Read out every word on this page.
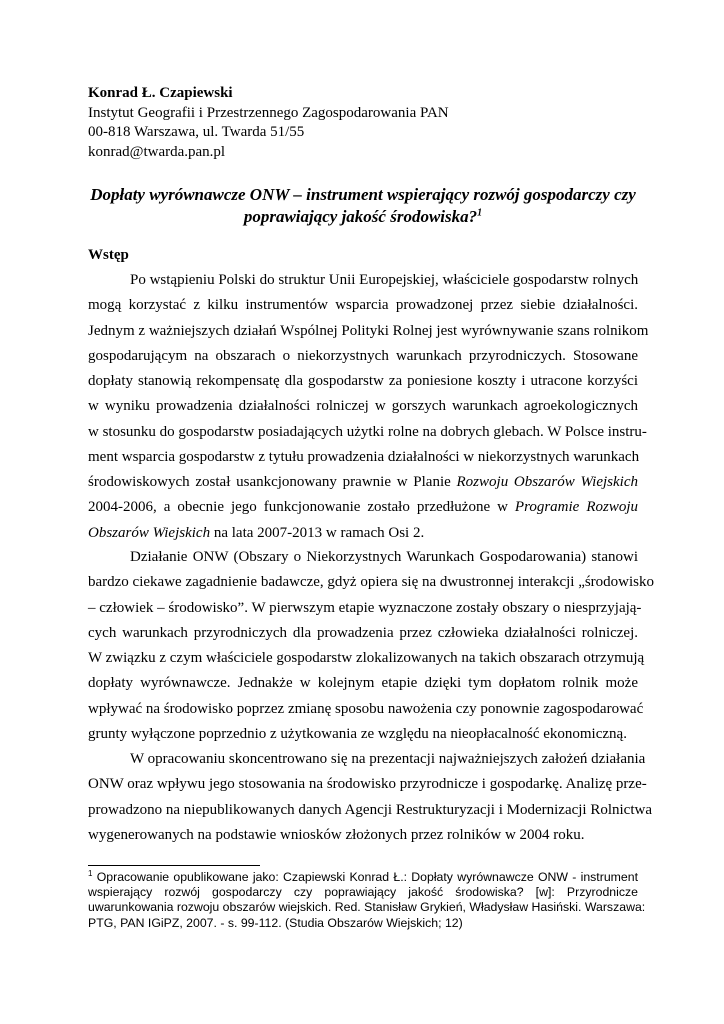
Konrad Ł. Czapiewski
Instytut Geografii i Przestrzennego Zagospodarowania PAN
00-818 Warszawa, ul. Twarda 51/55
konrad@twarda.pan.pl
Dopłaty wyrównawcze ONW – instrument wspierający rozwój gospodarczy czy
poprawiający jakość środowiska?$^1$
Wstęp
Po wstąpieniu Polski do struktur Unii Europejskiej, właściciele gospodarstw rolnych
mogą korzystać z kilku instrumentów wsparcia prowadzonej przez siebie działalności.
Jednym z ważniejszych działań Wspólnej Polityki Rolnej jest wyrównywanie szans rolnikom
gospodarującym na obszarach o niekorzystnych warunkach przyrodniczych. Stosowane
dopłaty stanowią rekompensatę dla gospodarstw za poniesione koszty i utracone korzyści
w wyniku prowadzenia działalności rolniczej w gorszych warunkach agroekologicznych
w stosunku do gospodarstw posiadających użytki rolne na dobrych glebach. W Polsce instru-
ment wsparcia gospodarstw z tytułu prowadzenia działalności w niekorzystnych warunkach
środowiskowych został usankcjonowany prawnie w Planie Rozwoju Obszarów Wiejskich
2004-2006, a obecnie jego funkcjonowanie zostało przedłużone w Programie Rozwoju
Obszarów Wiejskich na lata 2007-2013 w ramach Osi 2.
Działanie ONW (Obszary o Niekorzystnych Warunkach Gospodarowania) stanowi
bardzo ciekawe zagadnienie badawcze, gdyż opiera się na dwustronnej interakcji „środowisko
– człowiek – środowisko”. W pierwszym etapie wyznaczone zostały obszary o niesprzyjają-
cych warunkach przyrodniczych dla prowadzenia przez człowieka działalności rolniczej.
W związku z czym właściciele gospodarstw zlokalizowanych na takich obszarach otrzymują
dopłaty wyrównawcze. Jednakże w kolejnym etapie dzięki tym dopłatom rolnik może
wpływać na środowisko poprzez zmianę sposobu nawożenia czy ponownie zagospodarować
grunty wyłączone poprzednio z użytkowania ze względu na nieopłacalność ekonomiczną.
W opracowaniu skoncentrowano się na prezentacji najważniejszych założeń działania
ONW oraz wpływu jego stosowania na środowisko przyrodnicze i gospodarkę. Analizę prze-
prowadzono na niepublikowanych danych Agencji Restrukturyzacji i Modernizacji Rolnictwa
wygenerowanych na podstawie wniosków złożonych przez rolników w 2004 roku.
$^1$ Opracowanie opublikowane jako: Czapiewski Konrad Ł.: Dopłaty wyrównawcze ONW - instrument
wspierający rozwój gospodarczy czy poprawiający jakość środowiska? [w]: Przyrodnicze
uwarunkowania rozwoju obszarów wiejskich. Red. Stanisław Grykień, Władysław Hasiński. Warszawa:
PTG, PAN IGiPZ, 2007. - s. 99-112. (Studia Obszarów Wiejskich; 12)
